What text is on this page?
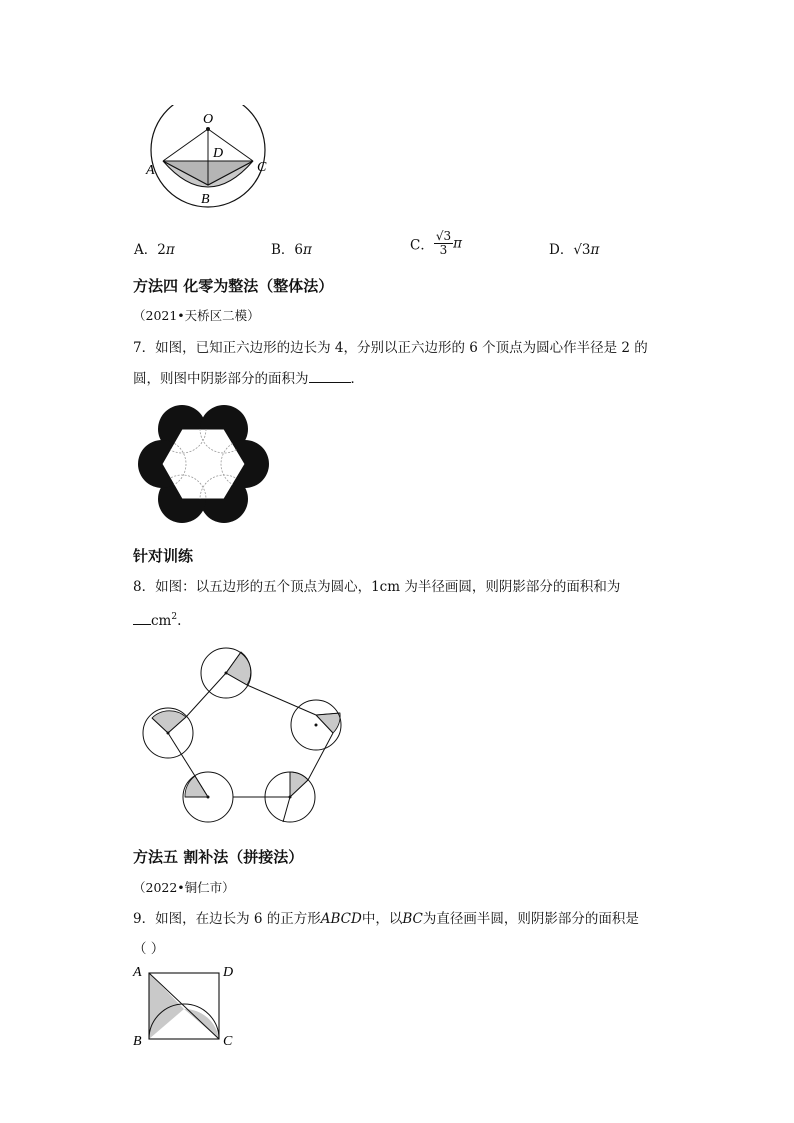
O
D
A	C
B
A．2π	B．6π	C． $\frac{√3}{3}$ π	D．√3π
方法四 化零为整法（整体法）
（2021•天桥区二模）
7．如图，已知正六边形的边长为 4，分别以正六边形的 6 个顶点为圆心作半径是 2 的
圆，则图中阴影部分的面积为	．
针对训练
8．如图：以五边形的五个顶点为圆心，1cm 为半径画圆，则阴影部分的面积和为
$cm^2$.
方法五 割补法（拼接法）
（2022•铜仁市）
9．如图，在边长为 6 的正方形ABCD中，以BC为直径画半圆，则阴影部分的面积是
（ ）
A	D
B	C
